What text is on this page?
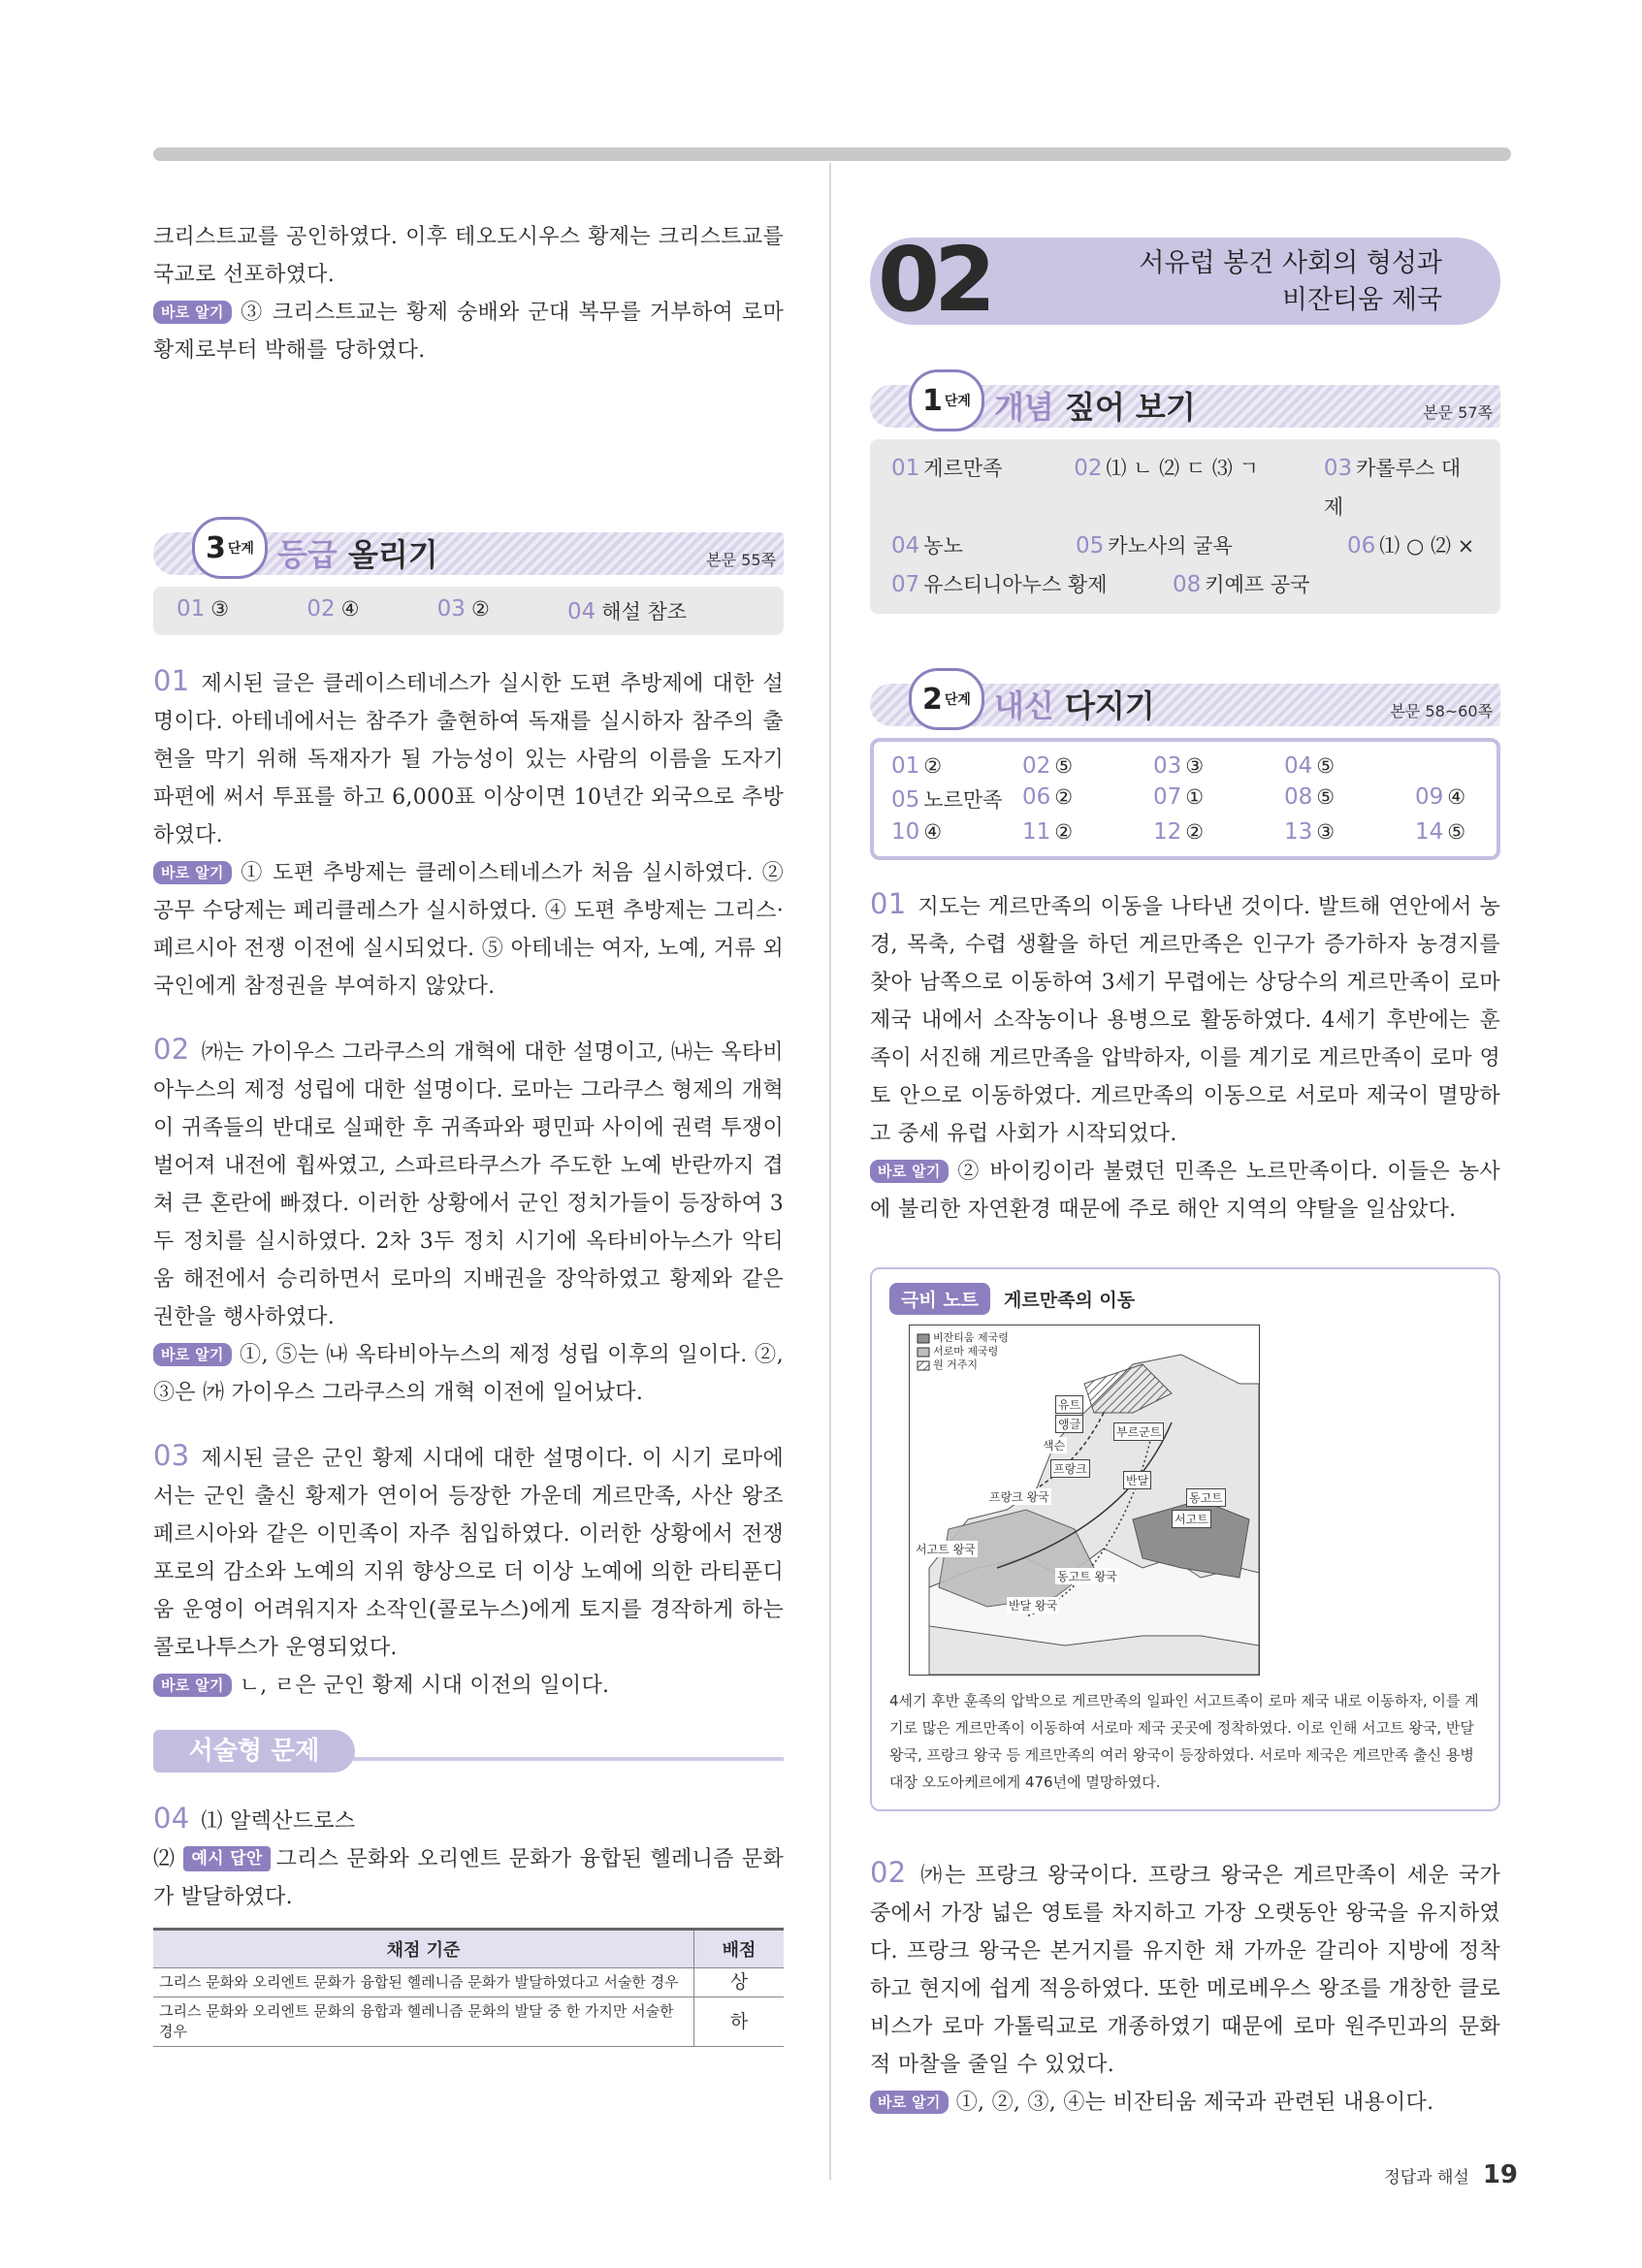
크리스트교를 공인하였다. 이후 테오도시우스 황제는 크리스트교를 국교로 선포하였다.

바로 알기 ③ 크리스트교는 황제 숭배와 군대 복무를 거부하여 로마 황제로부터 박해를 당하였다.

3 단계 등급 올리기	본문 55쪽
01 ③	02 ④	03 ②	04 해설 참조

01 제시된 글은 클레이스테네스가 실시한 도편 추방제에 대한 설명이다. 아테네에서는 참주가 출현하여 독재를 실시하자 참주의 출현을 막기 위해 독재자가 될 가능성이 있는 사람의 이름을 도자기 파편에 써서 투표를 하고 6,000표 이상이면 10년간 외국으로 추방하였다.

바로 알기 ① 도편 추방제는 클레이스테네스가 처음 실시하였다. ② 공무 수당제는 페리클레스가 실시하였다. ④ 도편 추방제는 그리스·페르시아 전쟁 이전에 실시되었다. ⑤ 아테네는 여자, 노예, 거류 외국인에게 참정권을 부여하지 않았다.

02 ㈎는 가이우스 그라쿠스의 개혁에 대한 설명이고, ㈏는 옥타비아누스의 제정 성립에 대한 설명이다. 로마는 그라쿠스 형제의 개혁이 귀족들의 반대로 실패한 후 귀족파와 평민파 사이에 권력 투쟁이 벌어져 내전에 휩싸였고, 스파르타쿠스가 주도한 노예 반란까지 겹쳐 큰 혼란에 빠졌다. 이러한 상황에서 군인 정치가들이 등장하여 3두 정치를 실시하였다. 2차 3두 정치 시기에 옥타비아누스가 악티움 해전에서 승리하면서 로마의 지배권을 장악하였고 황제와 같은 권한을 행사하였다.

바로 알기 ①, ⑤는 ㈏ 옥타비아누스의 제정 성립 이후의 일이다. ②, ③은 ㈎ 가이우스 그라쿠스의 개혁 이전에 일어났다.

03 제시된 글은 군인 황제 시대에 대한 설명이다. 이 시기 로마에서는 군인 출신 황제가 연이어 등장한 가운데 게르만족, 사산 왕조 페르시아와 같은 이민족이 자주 침입하였다. 이러한 상황에서 전쟁 포로의 감소와 노예의 지위 향상으로 더 이상 노예에 의한 라티푼디움 운영이 어려워지자 소작인(콜로누스)에게 토지를 경작하게 하는 콜로나투스가 운영되었다.

바로 알기 ㄴ, ㄹ은 군인 황제 시대 이전의 일이다.

서술형 문제

04 ⑴ 알렉산드로스

⑵ 예시 답안 그리스 문화와 오리엔트 문화가 융합된 헬레니즘 문화가 발달하였다.

채점 기준	배점
그리스 문화와 오리엔트 문화가 융합된 헬레니즘 문화가 발달하였다고 서술한 경우	상
그리스 문화와 오리엔트 문화의 융합과 헬레니즘 문화의 발달 중 한 가지만 서술한 경우	하
02	서유럽 봉건 사회의 형성과
비잔티움 제국
1 단계 개념 짚어 보기	본문 57쪽
01 게르만족	02 ⑴ ㄴ ⑵ ㄷ ⑶ ㄱ	03 카롤루스 대제
04 농노	05 카노사의 굴욕	06 ⑴ ○ ⑵ ×
07 유스티니아누스 황제	08 키예프 공국
2 단계 내신 다지기	본문 58~60쪽
01 ②	02 ⑤	03 ③	04 ⑤
05 노르만족 06 ②	07 ①	08 ⑤	09 ④
10 ④	11 ②	12 ②	13 ③	14 ⑤

01 지도는 게르만족의 이동을 나타낸 것이다. 발트해 연안에서 농경, 목축, 수렵 생활을 하던 게르만족은 인구가 증가하자 농경지를 찾아 남쪽으로 이동하여 3세기 무렵에는 상당수의 게르만족이 로마 제국 내에서 소작농이나 용병으로 활동하였다. 4세기 후반에는 훈족이 서진해 게르만족을 압박하자, 이를 계기로 게르만족이 로마 영토 안으로 이동하였다. 게르만족의 이동으로 서로마 제국이 멸망하고 중세 유럽 사회가 시작되었다.

바로 알기 ② 바이킹이라 불렸던 민족은 노르만족이다. 이들은 농사에 불리한 자연환경 때문에 주로 해안 지역의 약탈을 일삼았다.

극비 노트	게르만족의 이동
비잔티움 제국령
서로마 제국령
원 거주지
유트
앵글
색슨
부르군트
프랑크
반달
프랑크 왕국	동고트
서고트
서고트 왕국
동고트 왕국
반달 왕국
4세기 후반 훈족의 압박으로 게르만족의 일파인 서고트족이 로마 제국 내로 이동하자, 이를 계기로 많은 게르만족이 이동하여 서로마 제국 곳곳에 정착하였다. 이로 인해 서고트 왕국, 반달 왕국, 프랑크 왕국 등 게르만족의 여러 왕국이 등장하였다. 서로마 제국은 게르만족 출신 용병 대장 오도아케르에게 476년에 멸망하였다.

02 ㈎는 프랑크 왕국이다. 프랑크 왕국은 게르만족이 세운 국가 중에서 가장 넓은 영토를 차지하고 가장 오랫동안 왕국을 유지하였다. 프랑크 왕국은 본거지를 유지한 채 가까운 갈리아 지방에 정착하고 현지에 쉽게 적응하였다. 또한 메로베우스 왕조를 개창한 클로비스가 로마 가톨릭교로 개종하였기 때문에 로마 원주민과의 문화적 마찰을 줄일 수 있었다.

바로 알기 ①, ②, ③, ④는 비잔티움 제국과 관련된 내용이다.

정답과 해설 19
